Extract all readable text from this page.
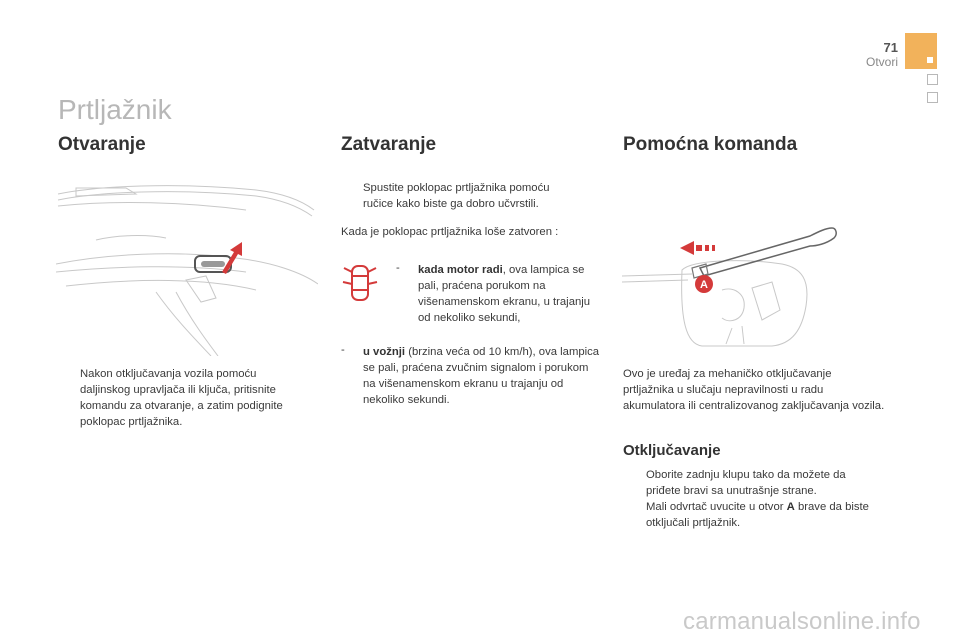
71
Otvori
Prtljažnik
Otvaranje
Nakon otključavanja vozila pomoću daljinskog upravljača ili ključa, pritisnite komandu za otvaranje, a zatim podignite poklopac prtljažnika.
Zatvaranje
Spustite poklopac prtljažnika pomoću ručice kako biste ga dobro učvrstili.
Kada je poklopac prtljažnika loše zatvoren :
- kada motor radi, ova lampica se pali, praćena porukom na višenamenskom ekranu, u trajanju od nekoliko sekundi,
- u vožnji (brzina veća od 10 km/h), ova lampica se pali, praćena zvučnim signalom i porukom na višenamenskom ekranu u trajanju od nekoliko sekundi.
Pomoćna komanda
A
Ovo je uređaj za mehaničko otključavanje prtljažnika u slučaju nepravilnosti u radu akumulatora ili centralizovanog zaključavanja vozila.
Otključavanje
Oborite zadnju klupu tako da možete da priđete bravi sa unutrašnje strane.
Mali odvrtač uvucite u otvor A brave da biste otključali prtljažnik.
carmanualsonline.info
